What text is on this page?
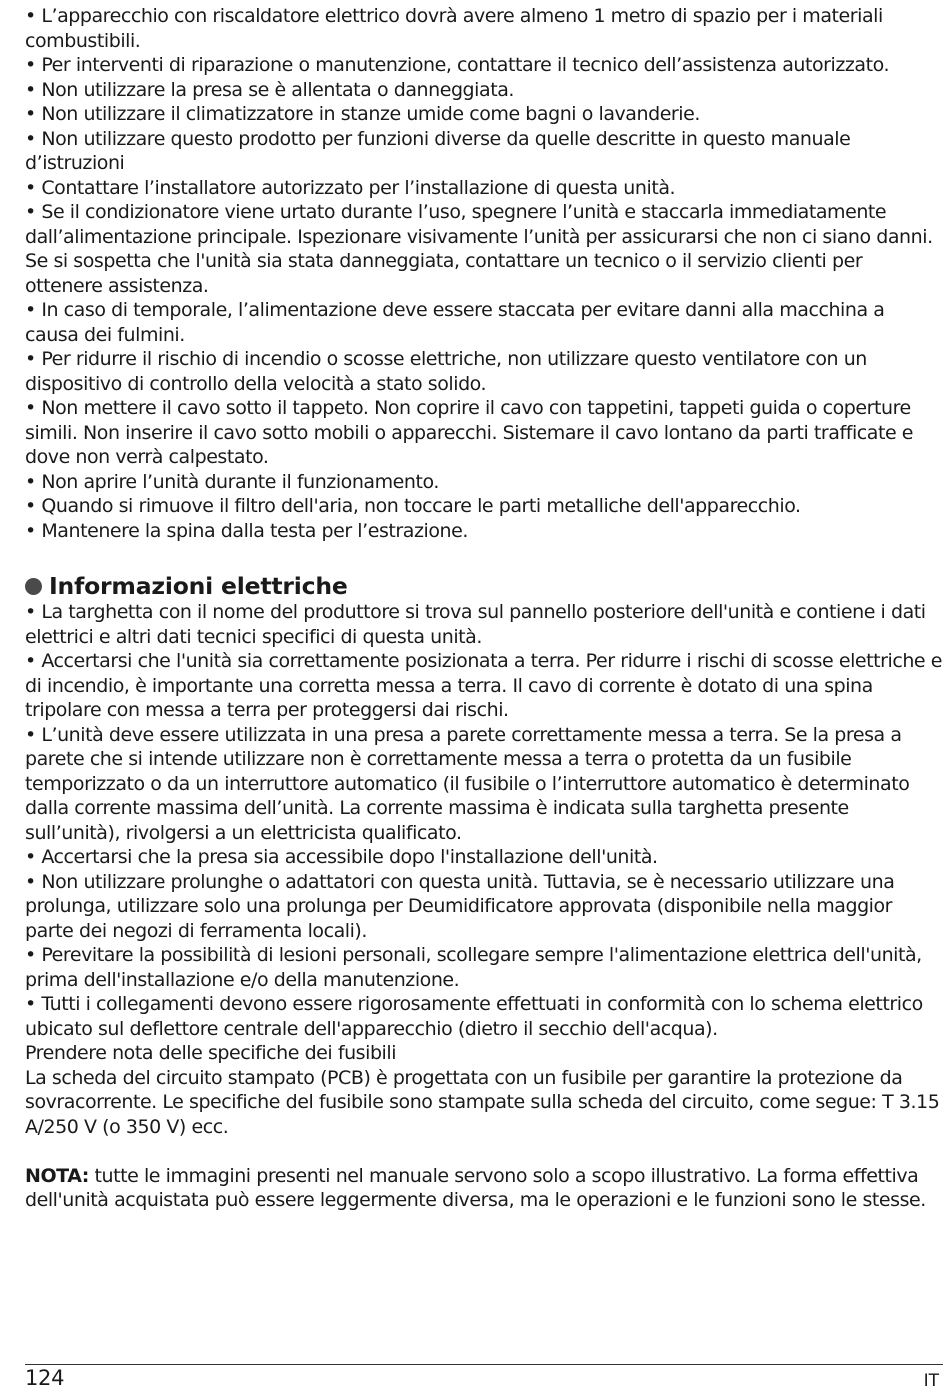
• L’apparecchio con riscaldatore elettrico dovrà avere almeno 1 metro di spazio per i materiali combustibili.

• Per interventi di riparazione o manutenzione, contattare il tecnico dell’assistenza autorizzato.

• Non utilizzare la presa se è allentata o danneggiata.

• Non utilizzare il climatizzatore in stanze umide come bagni o lavanderie.

• Non utilizzare questo prodotto per funzioni diverse da quelle descritte in questo manuale d’istruzioni

• Contattare l’installatore autorizzato per l’installazione di questa unità.

• Se il condizionatore viene urtato durante l’uso, spegnere l’unità e staccarla immediatamente dall’alimentazione principale. Ispezionare visivamente l’unità per assicurarsi che non ci siano danni. Se si sospetta che l'unità sia stata danneggiata, contattare un tecnico o il servizio clienti per ottenere assistenza.

• In caso di temporale, l’alimentazione deve essere staccata per evitare danni alla macchina a causa dei fulmini.

• Per ridurre il rischio di incendio o scosse elettriche, non utilizzare questo ventilatore con un dispositivo di controllo della velocità a stato solido.

• Non mettere il cavo sotto il tappeto. Non coprire il cavo con tappetini, tappeti guida o coperture simili. Non inserire il cavo sotto mobili o apparecchi. Sistemare il cavo lontano da parti trafficate e dove non verrà calpestato.

• Non aprire l’unità durante il funzionamento.

• Quando si rimuove il filtro dell'aria, non toccare le parti metalliche dell'apparecchio.

• Mantenere la spina dalla testa per l’estrazione.

Informazioni elettriche

• La targhetta con il nome del produttore si trova sul pannello posteriore dell'unità e contiene i dati elettrici e altri dati tecnici specifici di questa unità.

• Accertarsi che l'unità sia correttamente posizionata a terra. Per ridurre i rischi di scosse elettriche e di incendio, è importante una corretta messa a terra. Il cavo di corrente è dotato di una spina tripolare con messa a terra per proteggersi dai rischi.

• L’unità deve essere utilizzata in una presa a parete correttamente messa a terra. Se la presa a parete che si intende utilizzare non è correttamente messa a terra o protetta da un fusibile temporizzato o da un interruttore automatico (il fusibile o l’interruttore automatico è determinato dalla corrente massima dell’unità. La corrente massima è indicata sulla targhetta presente sull’unità), rivolgersi a un elettricista qualificato.

• Accertarsi che la presa sia accessibile dopo l'installazione dell'unità.

• Non utilizzare prolunghe o adattatori con questa unità. Tuttavia, se è necessario utilizzare una prolunga, utilizzare solo una prolunga per Deumidificatore approvata (disponibile nella maggior parte dei negozi di ferramenta locali).

• Perevitare la possibilità di lesioni personali, scollegare sempre l'alimentazione elettrica dell'unità, prima dell'installazione e/o della manutenzione.

• Tutti i collegamenti devono essere rigorosamente effettuati in conformità con lo schema elettrico ubicato sul deflettore centrale dell'apparecchio (dietro il secchio dell'acqua).

Prendere nota delle specifiche dei fusibili

La scheda del circuito stampato (PCB) è progettata con un fusibile per garantire la protezione da sovracorrente. Le specifiche del fusibile sono stampate sulla scheda del circuito, come segue: T 3.15 A/250 V (o 350 V) ecc.

NOTA: tutte le immagini presenti nel manuale servono solo a scopo illustrativo. La forma effettiva dell'unità acquistata può essere leggermente diversa, ma le operazioni e le funzioni sono le stesse.

124	IT
